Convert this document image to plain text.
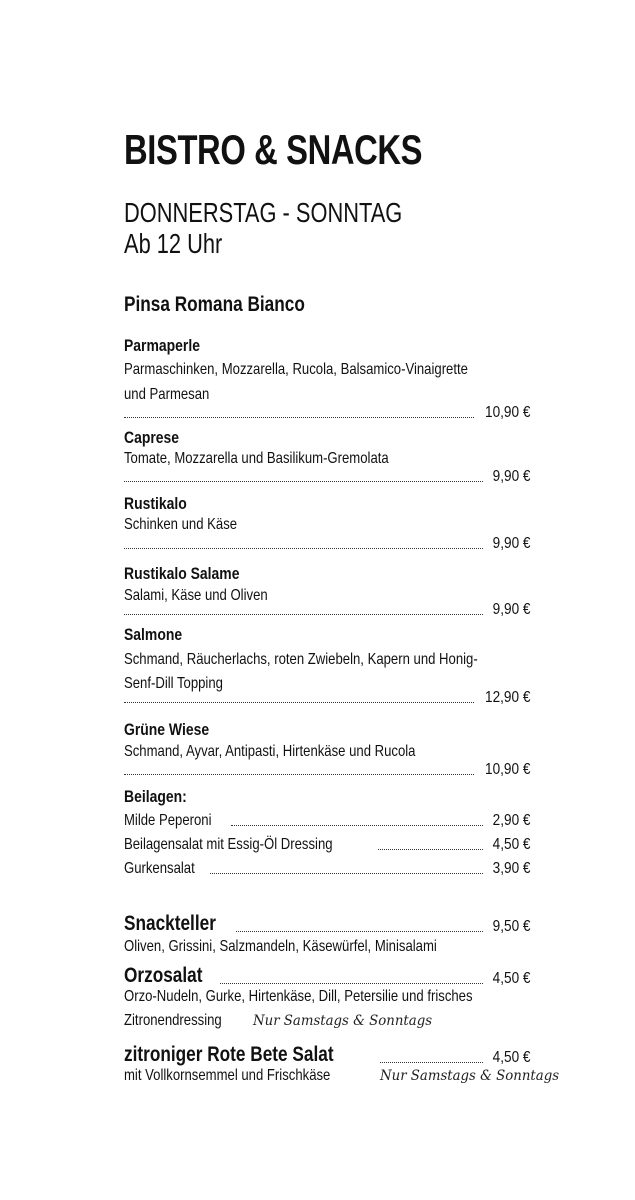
BISTRO & SNACKS
DONNERSTAG - SONNTAG
Ab 12 Uhr
Pinsa Romana Bianco
Parmaperle
Parmaschinken, Mozzarella, Rucola, Balsamico-Vinaigrette
und Parmesan
10,90 €
Caprese
Tomate, Mozzarella und Basilikum-Gremolata
9,90 €
Rustikalo
Schinken und Käse
9,90 €
Rustikalo Salame
Salami, Käse und Oliven
9,90 €
Salmone
Schmand, Räucherlachs, roten Zwiebeln, Kapern und Honig-
Senf-Dill Topping
12,90 €
Grüne Wiese
Schmand, Ayvar, Antipasti, Hirtenkäse und Rucola
10,90 €
Beilagen:
Milde Peperoni	2,90 €
Beilagensalat mit Essig-Öl Dressing	4,50 €
Gurkensalat	3,90 €
Snackteller	9,50 €
Oliven, Grissini, Salzmandeln, Käsewürfel, Minisalami
Orzosalat	4,50 €
Orzo-Nudeln, Gurke, Hirtenkäse, Dill, Petersilie und frisches
Zitronendressing Nur Samstags & Sonntags
zitroniger Rote Bete Salat	4,50 €
mit Vollkornsemmel und Frischkäse	Nur Samstags & Sonntags
